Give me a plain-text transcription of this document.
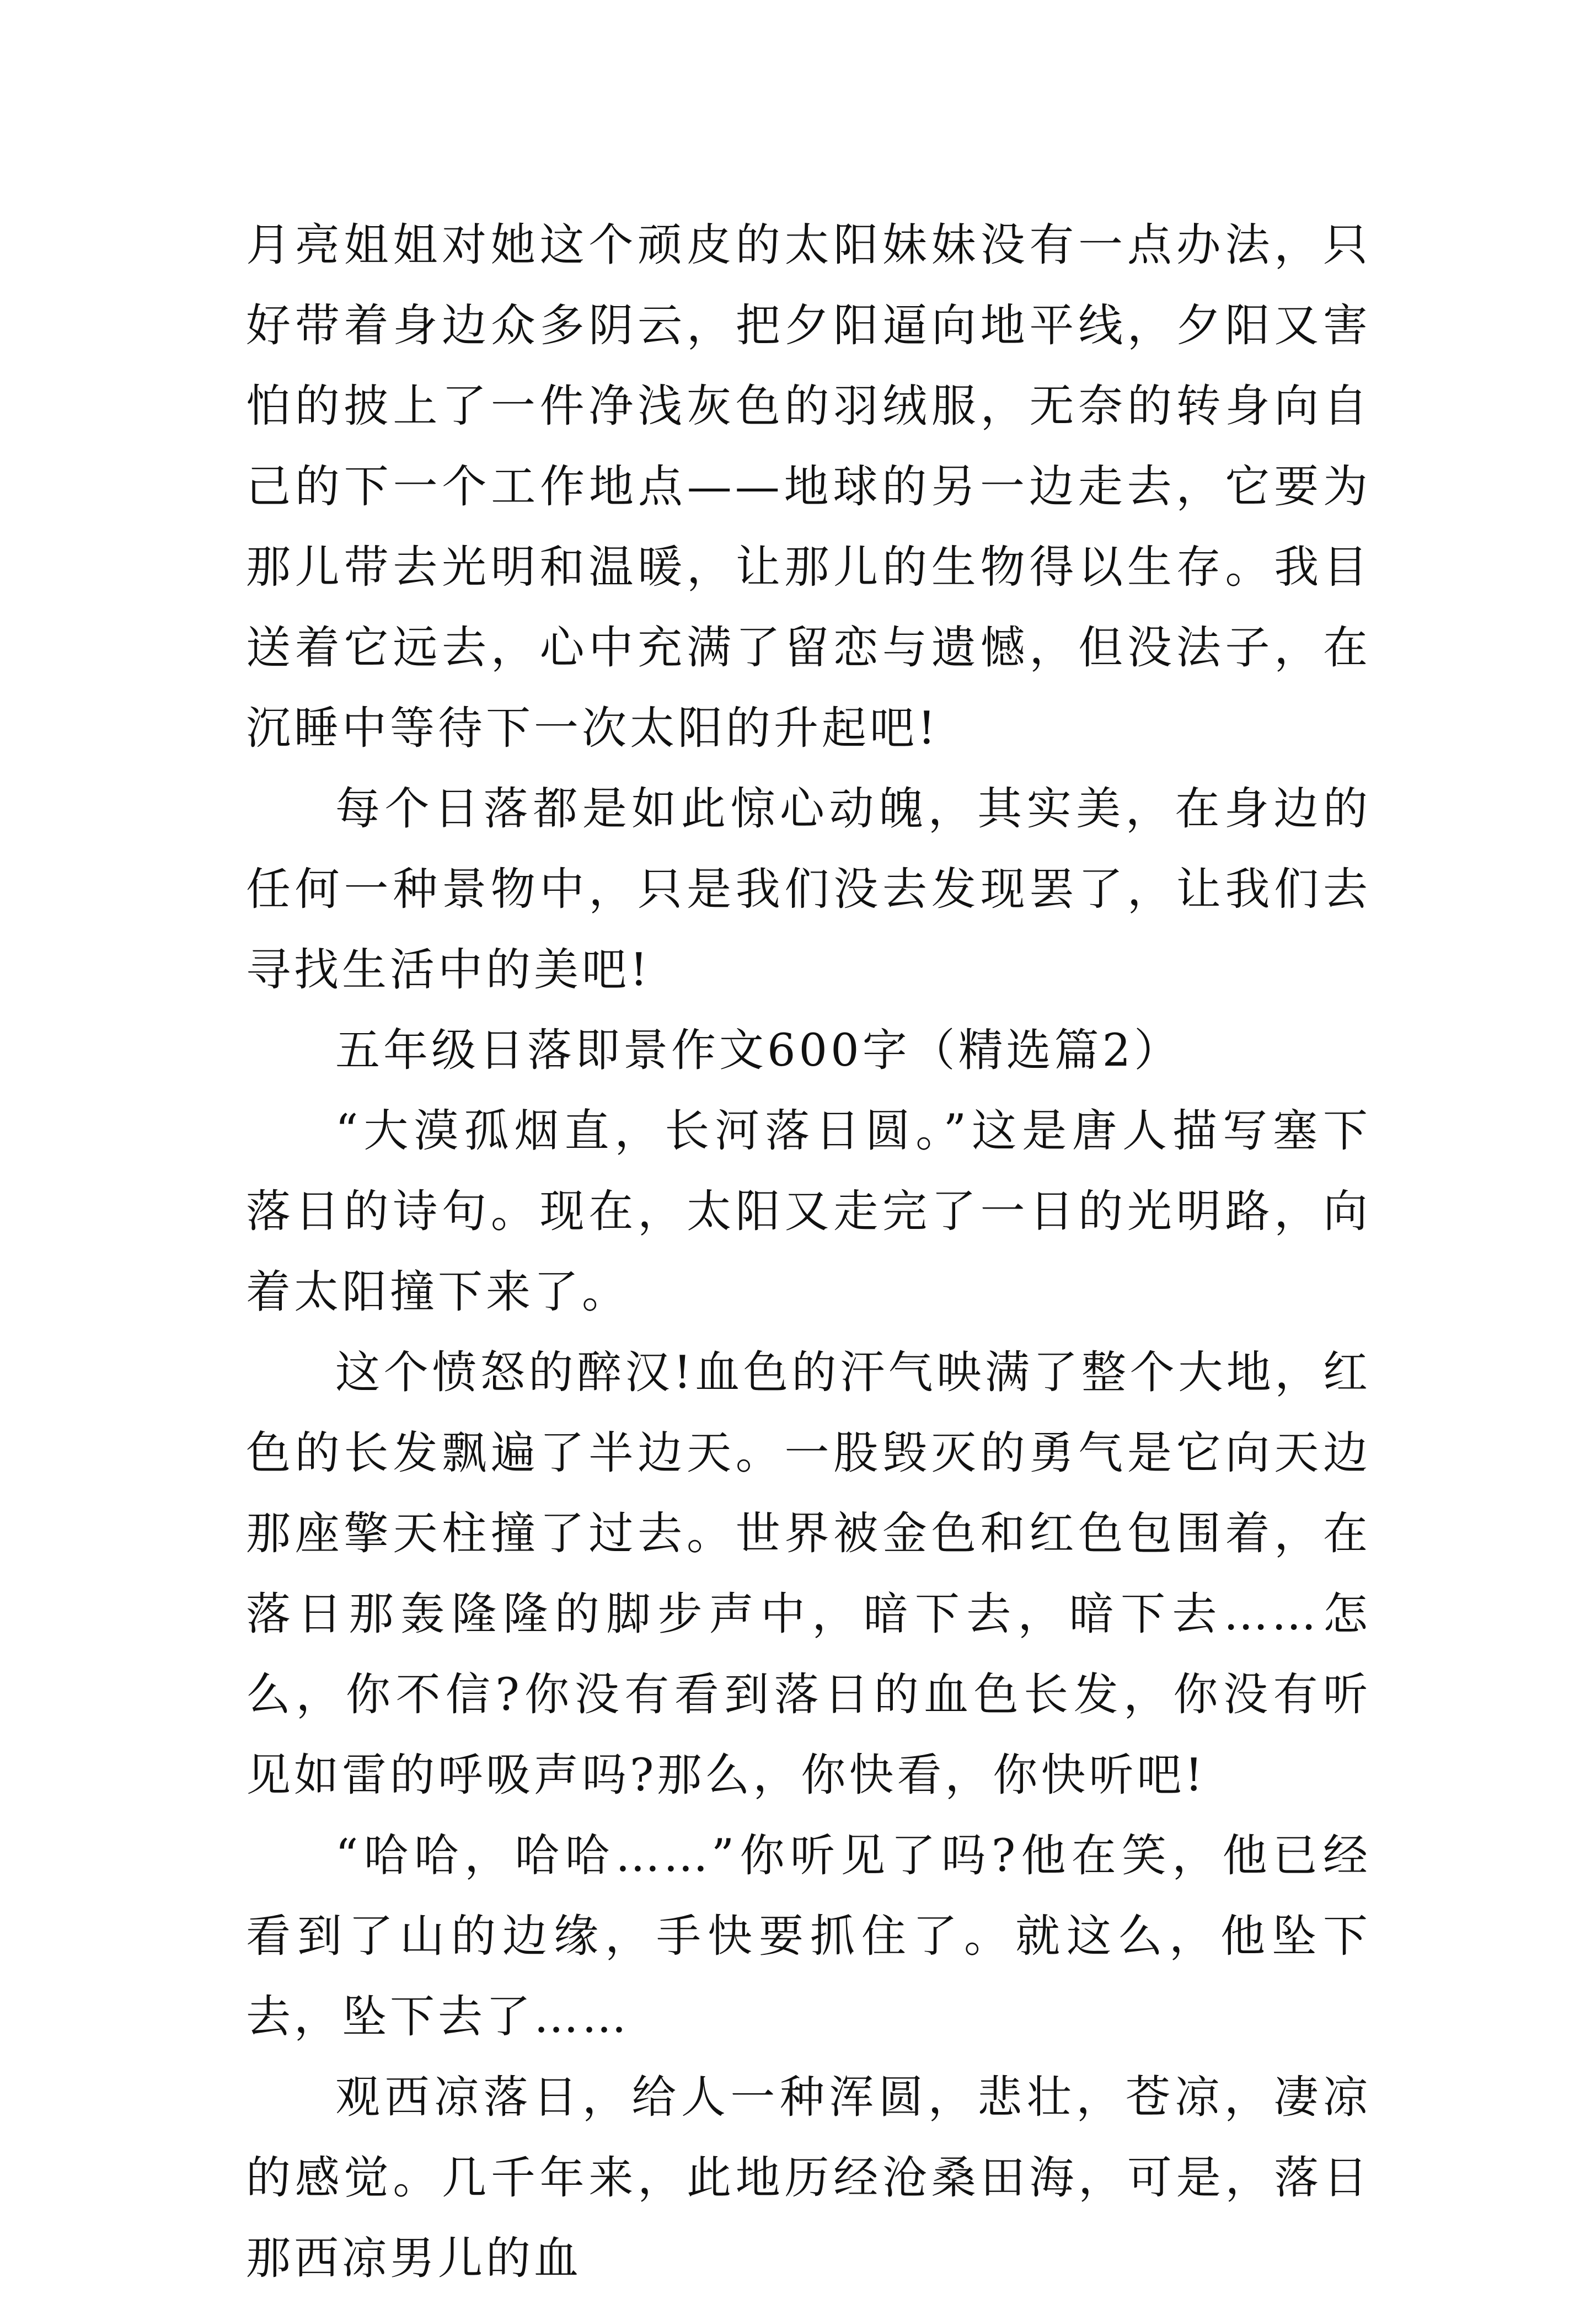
月亮姐姐对她这个顽皮的太阳妹妹没有一点办法，只好带着身边众多阴云，把夕阳逼向地平线，夕阳又害怕的披上了一件净浅灰色的羽绒服，无奈的转身向自己的下一个工作地点——地球的另一边走去，它要为那儿带去光明和温暖，让那儿的生物得以生存。我目送着它远去，心中充满了留恋与遗憾，但没法子，在沉睡中等待下一次太阳的升起吧!

每个日落都是如此惊心动魄，其实美，在身边的任何一种景物中，只是我们没去发现罢了，让我们去寻找生活中的美吧!

五年级日落即景作文600字（精选篇2）

“大漠孤烟直，长河落日圆。”这是唐人描写塞下落日的诗句。现在，太阳又走完了一日的光明路，向着太阳撞下来了。

这个愤怒的醉汉!血色的汗气映满了整个大地，红色的长发飘遍了半边天。一股毁灭的勇气是它向天边那座擎天柱撞了过去。世界被金色和红色包围着，在落日那轰隆隆的脚步声中，暗下去，暗下去……怎么，你不信?你没有看到落日的血色长发，你没有听见如雷的呼吸声吗?那么，你快看，你快听吧!

“哈哈，哈哈……”你听见了吗?他在笑，他已经看到了山的边缘，手快要抓住了。就这么，他坠下去，坠下去了……

观西凉落日，给人一种浑圆，悲壮，苍凉，凄凉的感觉。几千年来，此地历经沧桑田海，可是，落日那西凉男儿的血
